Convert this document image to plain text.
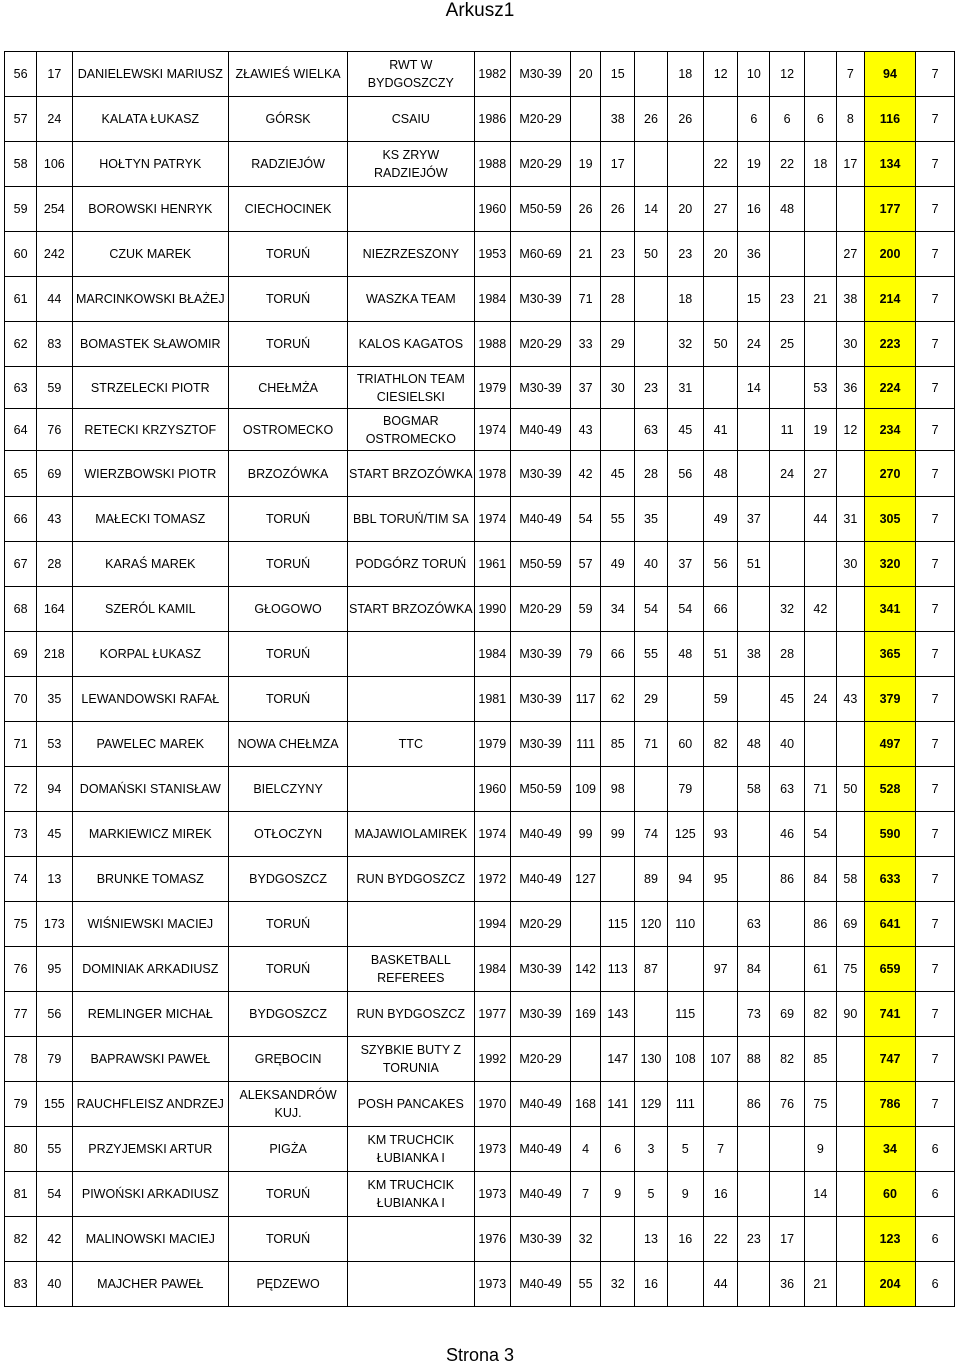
Arkusz1
56	17	DANIELEWSKI MARIUSZ	ZŁAWIEŚ WIELKA	RWT W BYDGOSZCZY	1982	M30-39	20	15		18	12	10	12		7	94	7
57	24	KALATA ŁUKASZ	GÓRSK	CSAIU	1986	M20-29		38	26	26		6	6	6	8	116	7
58	106	HOŁTYN PATRYK	RADZIEJÓW	KS ZRYW RADZIEJÓW	1988	M20-29	19	17			22	19	22	18	17	134	7
59	254	BOROWSKI HENRYK	CIECHOCINEK		1960	M50-59	26	26	14	20	27	16	48			177	7
60	242	CZUK MAREK	TORUŃ	NIEZRZESZONY	1953	M60-69	21	23	50	23	20	36			27	200	7
61	44	MARCINKOWSKI BŁAŻEJ	TORUŃ	WASZKA TEAM	1984	M30-39	71	28		18		15	23	21	38	214	7
62	83	BOMASTEK SŁAWOMIR	TORUŃ	KALOS KAGATOS	1988	M20-29	33	29		32	50	24	25		30	223	7
63	59	STRZELECKI PIOTR	CHEŁMŻA	TRIATHLON TEAM CIESIELSKI	1979	M30-39	37	30	23	31		14		53	36	224	7
64	76	RETECKI KRZYSZTOF	OSTROMECKO	BOGMAR OSTROMECKO	1974	M40-49	43		63	45	41		11	19	12	234	7
65	69	WIERZBOWSKI PIOTR	BRZOZÓWKA	START BRZOZÓWKA	1978	M30-39	42	45	28	56	48		24	27		270	7
66	43	MAŁECKI TOMASZ	TORUŃ	BBL TORUŃ/TIM SA	1974	M40-49	54	55	35		49	37		44	31	305	7
67	28	KARAŚ MAREK	TORUŃ	PODGÓRZ TORUŃ	1961	M50-59	57	49	40	37	56	51			30	320	7
68	164	SZERÓL KAMIL	GŁOGOWO	START BRZOZÓWKA	1990	M20-29	59	34	54	54	66		32	42		341	7
69	218	KORPAL ŁUKASZ	TORUŃ		1984	M30-39	79	66	55	48	51	38	28			365	7
70	35	LEWANDOWSKI RAFAŁ	TORUŃ		1981	M30-39	117	62	29		59		45	24	43	379	7
71	53	PAWELEC MAREK	NOWA CHEŁMZA	TTC	1979	M30-39	111	85	71	60	82	48	40			497	7
72	94	DOMAŃSKI STANISŁAW	BIELCZYNY		1960	M50-59	109	98		79		58	63	71	50	528	7
73	45	MARKIEWICZ MIREK	OTŁOCZYN	MAJAWIOLAMIREK	1974	M40-49	99	99	74	125	93		46	54		590	7
74	13	BRUNKE TOMASZ	BYDGOSZCZ	RUN BYDGOSZCZ	1972	M40-49	127		89	94	95		86	84	58	633	7
75	173	WIŚNIEWSKI MACIEJ	TORUŃ		1994	M20-29		115	120	110		63		86	69	641	7
76	95	DOMINIAK ARKADIUSZ	TORUŃ	BASKETBALL REFEREES	1984	M30-39	142	113	87		97	84		61	75	659	7
77	56	REMLINGER MICHAŁ	BYDGOSZCZ	RUN BYDGOSZCZ	1977	M30-39	169	143		115		73	69	82	90	741	7
78	79	BAPRAWSKI PAWEŁ	GRĘBOCIN	SZYBKIE BUTY Z TORUNIA	1992	M20-29		147	130	108	107	88	82	85		747	7
79	155	RAUCHFLEISZ ANDRZEJ	ALEKSANDRÓW KUJ.	POSH PANCAKES	1970	M40-49	168	141	129	111		86	76	75		786	7
80	55	PRZYJEMSKI ARTUR	PIGŻA	KM TRUCHCIK ŁUBIANKA I	1973	M40-49	4	6	3	5	7			9		34	6
81	54	PIWOŃSKI ARKADIUSZ	TORUŃ	KM TRUCHCIK ŁUBIANKA I	1973	M40-49	7	9	5	9	16			14		60	6
82	42	MALINOWSKI MACIEJ	TORUŃ		1976	M30-39	32		13	16	22	23	17			123	6
83	40	MAJCHER PAWEŁ	PĘDZEWO		1973	M40-49	55	32	16		44		36	21		204	6
Strona 3
